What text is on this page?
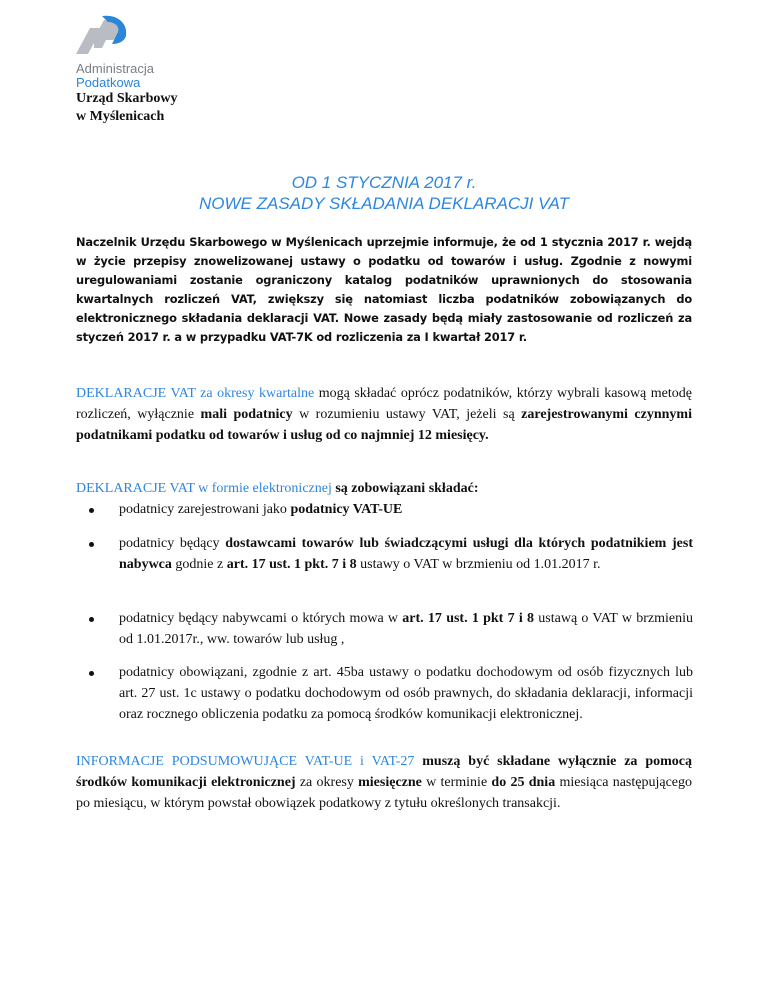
Administracja
Podatkowa
Urząd Skarbowy
w Myślenicach
OD 1 STYCZNIA 2017 r.
NOWE ZASADY SKŁADANIA DEKLARACJI VAT
Naczelnik Urzędu Skarbowego w Myślenicach uprzejmie informuje, że od 1 stycznia 2017 r. wejdą w życie przepisy znowelizowanej ustawy o podatku od towarów i usług. Zgodnie z nowymi uregulowaniami zostanie ograniczony katalog podatników uprawnionych do stosowania kwartalnych rozliczeń VAT, zwiększy się natomiast liczba podatników zobowiązanych do elektronicznego składania deklaracji VAT. Nowe zasady będą miały zastosowanie od rozliczeń za styczeń 2017 r. a w przypadku VAT-7K od rozliczenia za I kwartał 2017 r.
DEKLARACJE VAT za okresy kwartalne mogą składać oprócz podatników, którzy wybrali kasową metodę rozliczeń, wyłącznie mali podatnicy w rozumieniu ustawy VAT, jeżeli są zarejestrowanymi czynnymi podatnikami podatku od towarów i usług od co najmniej 12 miesięcy.
DEKLARACJE VAT w formie elektronicznej są zobowiązani składać:
podatnicy zarejestrowani jako podatnicy VAT-UE
podatnicy będący dostawcami towarów lub świadczącymi usługi dla których podatnikiem jest nabywca godnie z art. 17 ust. 1 pkt. 7 i 8 ustawy o VAT w brzmieniu od 1.01.2017 r.
podatnicy będący nabywcami o których mowa w art. 17 ust. 1 pkt 7 i 8 ustawą o VAT w brzmieniu od 1.01.2017r., ww. towarów lub usług ,
podatnicy obowiązani, zgodnie z art. 45ba ustawy o podatku dochodowym od osób fizycznych lub art. 27 ust. 1c ustawy o podatku dochodowym od osób prawnych, do składania deklaracji, informacji oraz rocznego obliczenia podatku za pomocą środków komunikacji elektronicznej.
INFORMACJE PODSUMOWUJĄCE VAT-UE i VAT-27 muszą być składane wyłącznie za pomocą środków komunikacji elektronicznej za okresy miesięczne w terminie do 25 dnia miesiąca następującego po miesiącu, w którym powstał obowiązek podatkowy z tytułu określonych transakcji.
